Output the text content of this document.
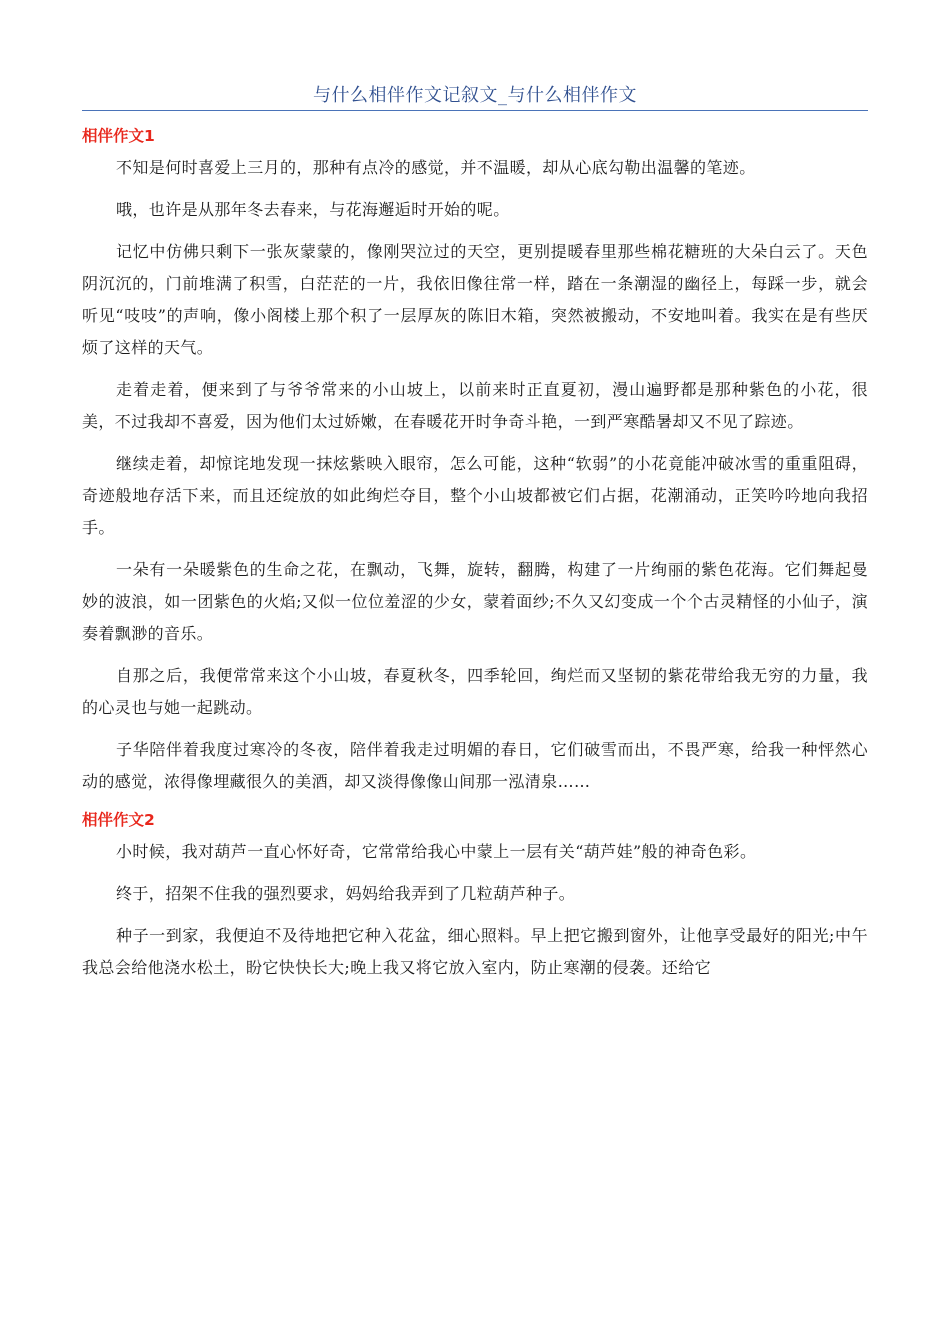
与什么相伴作文记叙文_与什么相伴作文
相伴作文1

不知是何时喜爱上三月的，那种有点冷的感觉，并不温暖，却从心底勾勒出温馨的笔迹。

哦，也许是从那年冬去春来，与花海邂逅时开始的呢。

记忆中仿佛只剩下一张灰蒙蒙的，像刚哭泣过的天空，更别提暖春里那些棉花糖班的大朵白云了。天色阴沉沉的，门前堆满了积雪，白茫茫的一片，我依旧像往常一样，踏在一条潮湿的幽径上，每踩一步，就会听见“吱吱”的声响，像小阁楼上那个积了一层厚灰的陈旧木箱，突然被搬动，不安地叫着。我实在是有些厌烦了这样的天气。

走着走着，便来到了与爷爷常来的小山坡上，以前来时正直夏初，漫山遍野都是那种紫色的小花，很美，不过我却不喜爱，因为他们太过娇嫩，在春暖花开时争奇斗艳，一到严寒酷暑却又不见了踪迹。

继续走着，却惊诧地发现一抹炫紫映入眼帘，怎么可能，这种“软弱”的小花竟能冲破冰雪的重重阻碍，奇迹般地存活下来，而且还绽放的如此绚烂夺目，整个小山坡都被它们占据，花潮涌动，正笑吟吟地向我招手。

一朵有一朵暖紫色的生命之花，在飘动，飞舞，旋转，翻腾，构建了一片绚丽的紫色花海。它们舞起曼妙的波浪，如一团紫色的火焰;又似一位位羞涩的少女，蒙着面纱;不久又幻变成一个个古灵精怪的小仙子，演奏着飘渺的音乐。

自那之后，我便常常来这个小山坡，春夏秋冬，四季轮回，绚烂而又坚韧的紫花带给我无穷的力量，我的心灵也与她一起跳动。

子华陪伴着我度过寒冷的冬夜，陪伴着我走过明媚的春日，它们破雪而出，不畏严寒，给我一种怦然心动的感觉，浓得像埋藏很久的美酒，却又淡得像像山间那一泓清泉……

相伴作文2

小时候，我对葫芦一直心怀好奇，它常常给我心中蒙上一层有关“葫芦娃”般的神奇色彩。

终于，招架不住我的强烈要求，妈妈给我弄到了几粒葫芦种子。

种子一到家，我便迫不及待地把它种入花盆，细心照料。早上把它搬到窗外，让他享受最好的阳光;中午我总会给他浇水松土，盼它快快长大;晚上我又将它放入室内，防止寒潮的侵袭。还给它
